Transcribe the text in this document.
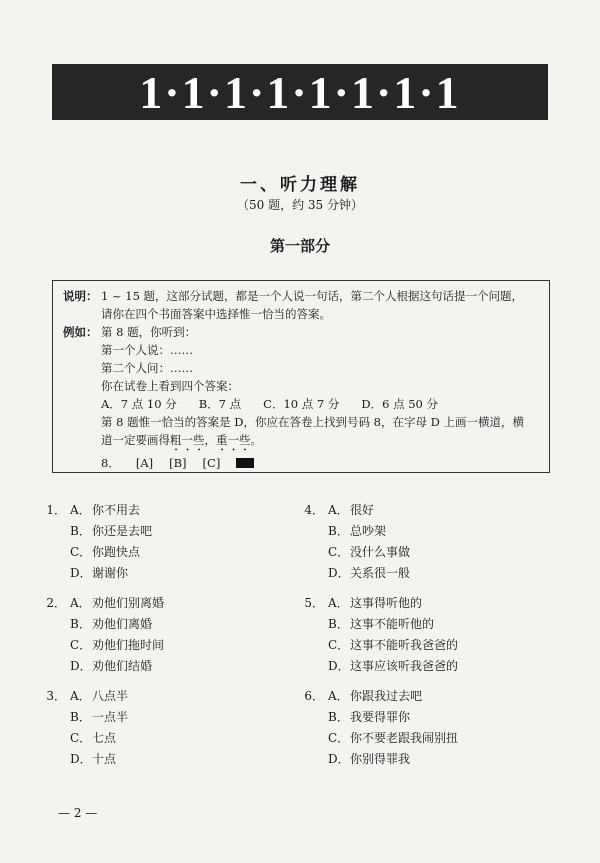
1·1·1·1·1·1·1·1
一、听力理解
（50 题，约 35 分钟）
第一部分
说明： 1 ~ 15 题，这部分试题，都是一个人说一句话，第二个人根据这句话提一个问题，
请你在四个书面答案中选择惟一恰当的答案。
例如： 第 8 题，你听到：
第一个人说：……
第二个人问：……
你在试卷上看到四个答案：
A．7 点 10 分 B．7 点 C．10 点 7 分 D．6 点 50 分
第 8 题惟一恰当的答案是 D，你应在答卷上找到号码 8，在字母 D 上画一横道，横
道一定要画得粗一些，重一些。
8． [A] [B] [C]
1． A． 你不用去
B． 你还是去吧
C． 你跑快点
D． 谢谢你
2． A． 劝他们别离婚
B． 劝他们离婚
C． 劝他们拖时间
D． 劝他们结婚
3． A． 八点半
B． 一点半
C． 七点
D． 十点
4． A． 很好
B． 总吵架
C． 没什么事做
D． 关系很一般
5． A． 这事得听他的
B． 这事不能听他的
C． 这事不能听我爸爸的
D． 这事应该听我爸爸的
6． A． 你跟我过去吧
B． 我要得罪你
C． 你不要老跟我闹别扭
D． 你别得罪我
— 2 —
